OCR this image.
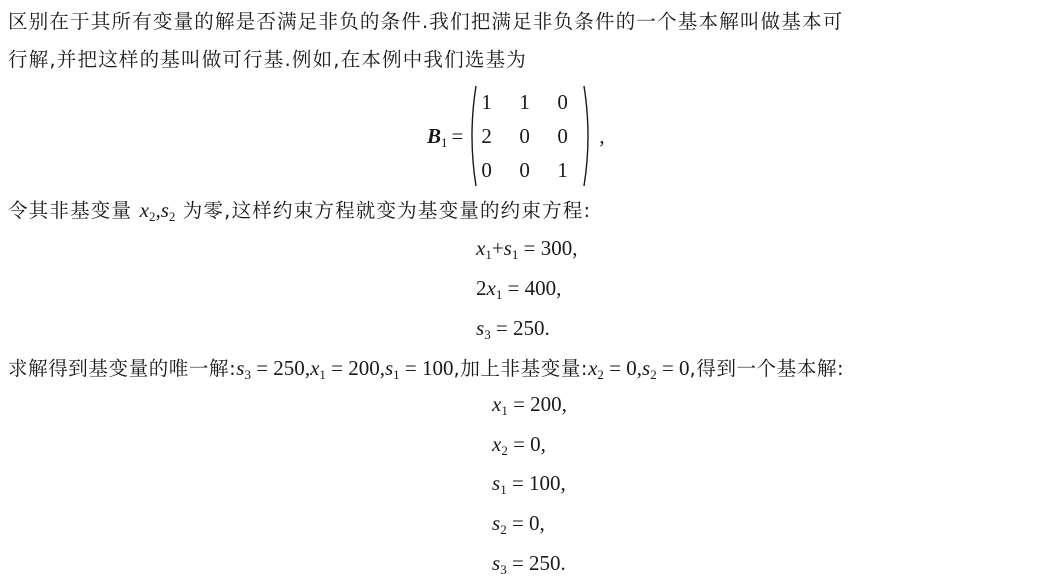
区别在于其所有变量的解是否满足非负的条件.我们把满足非负条件的一个基本解叫做基本可
行解,并把这样的基叫做可行基.例如,在本例中我们选基为
$B_1$ =
1	1	0
2	0	0
0	0	1
,
令其非基变量 $x_2,s_2$ 为零,这样约束方程就变为基变量的约束方程:
$x_1+s_1 = 300$,
$2x_1 = 400$,
$s_3 = 250$.
求解得到基变量的唯一解$:s_3 = 250,x_1 = 200,s_1 = 100$,加上非基变量$:x_2 = 0,s_2 = 0$,得到一个基本解:
$x_1 = 200$,
$x_2 = 0$,
$s_1 = 100$,
$s_2 = 0$,
$s_3 = 250$.
